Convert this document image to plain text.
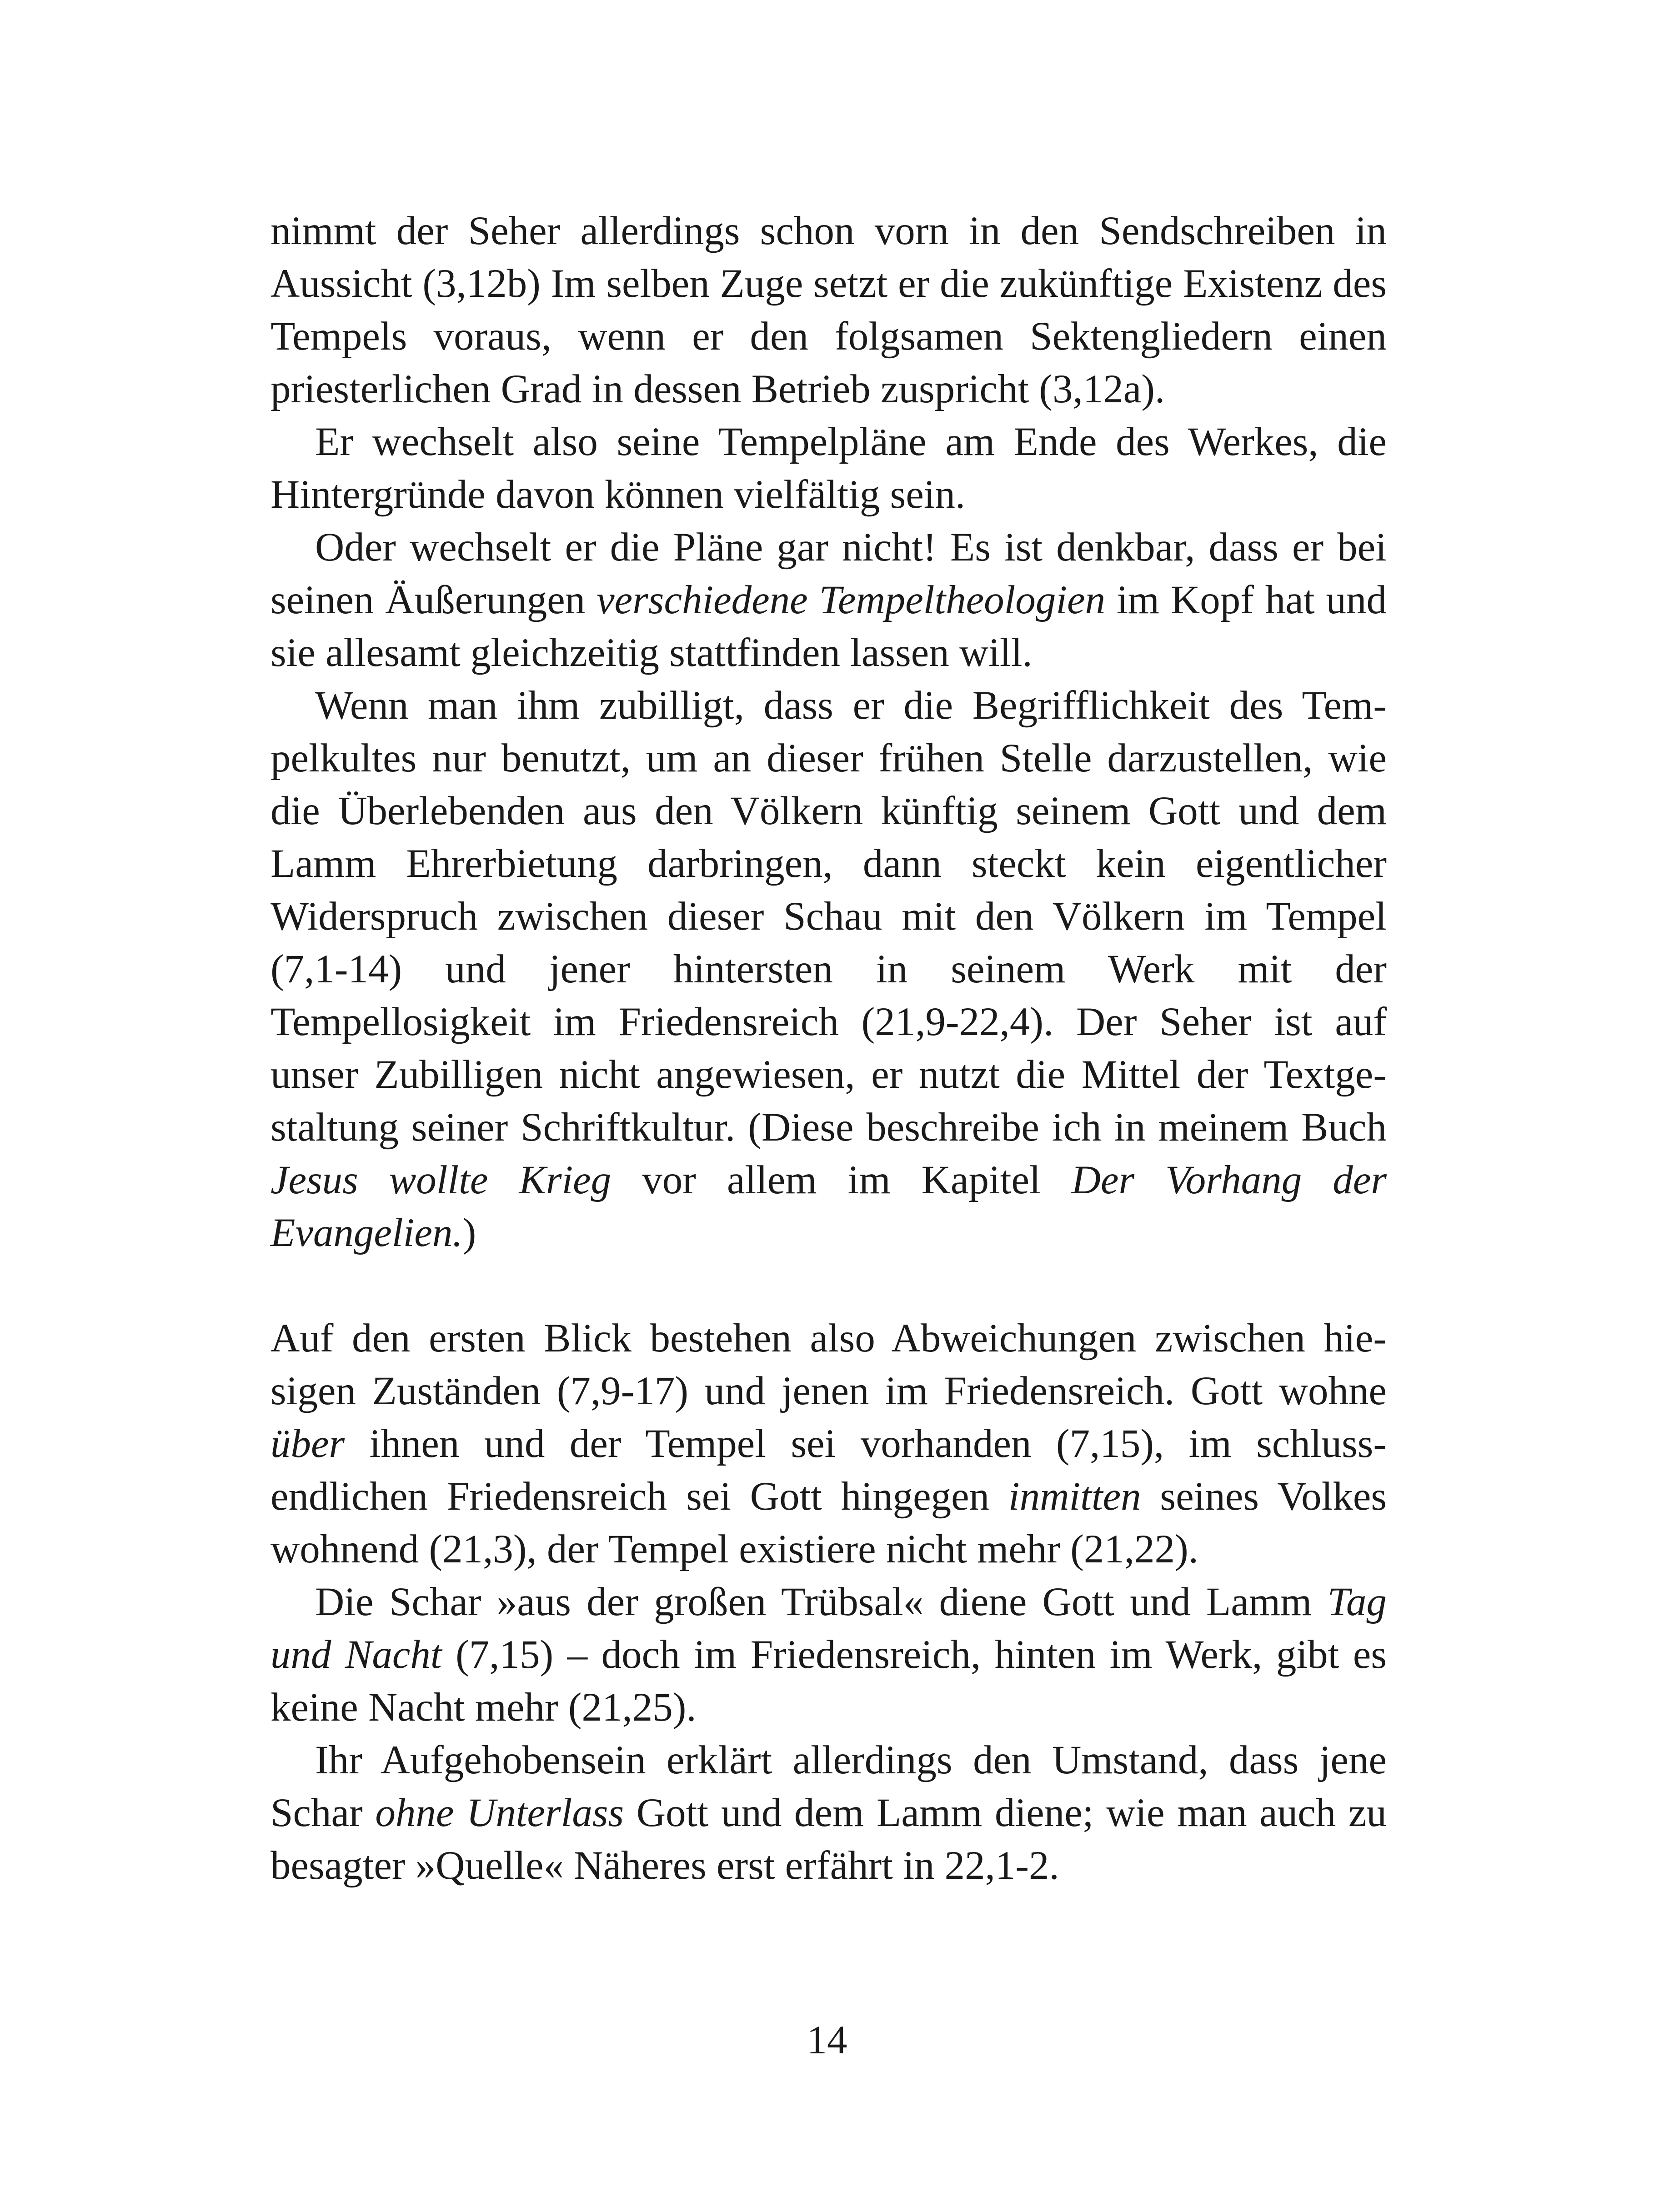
nimmt der Seher allerdings schon vorn in den Sendschreiben in Aussicht (3,12b) Im selben Zuge setzt er die zukünftige Existenz des Tempels voraus, wenn er den folgsamen Sektengliedern einen priesterlichen Grad in dessen Betrieb zuspricht (3,12a).

Er wechselt also seine Tempelpläne am Ende des Werkes, die Hintergründe davon können vielfältig sein.

Oder wechselt er die Pläne gar nicht! Es ist denkbar, dass er bei seinen Äußerungen verschiedene Tempeltheologien im Kopf hat und sie allesamt gleichzeitig stattfinden lassen will.

Wenn man ihm zubilligt, dass er die Begrifflichkeit des Tempelkultes nur benutzt, um an dieser frühen Stelle darzustellen, wie die Überlebenden aus den Völkern künftig seinem Gott und dem Lamm Ehrerbietung darbringen, dann steckt kein eigentlicher Widerspruch zwischen dieser Schau mit den Völkern im Tempel (7,1-14) und jener hintersten in seinem Werk mit der Tempellosigkeit im Friedensreich (21,9-22,4). Der Seher ist auf unser Zubilligen nicht angewiesen, er nutzt die Mittel der Textgestaltung seiner Schriftkultur. (Diese beschreibe ich in meinem Buch Jesus wollte Krieg vor allem im Kapitel Der Vorhang der Evangelien.)

Auf den ersten Blick bestehen also Abweichungen zwischen hiesigen Zuständen (7,9-17) und jenen im Friedensreich. Gott wohne über ihnen und der Tempel sei vorhanden (7,15), im schlussendlichen Friedensreich sei Gott hingegen inmitten seines Volkes wohnend (21,3), der Tempel existiere nicht mehr (21,22).

Die Schar »aus der großen Trübsal« diene Gott und Lamm Tag und Nacht (7,15) – doch im Friedensreich, hinten im Werk, gibt es keine Nacht mehr (21,25).

Ihr Aufgehobensein erklärt allerdings den Umstand, dass jene Schar ohne Unterlass Gott und dem Lamm diene; wie man auch zu besagter »Quelle« Näheres erst erfährt in 22,1-2.

14
